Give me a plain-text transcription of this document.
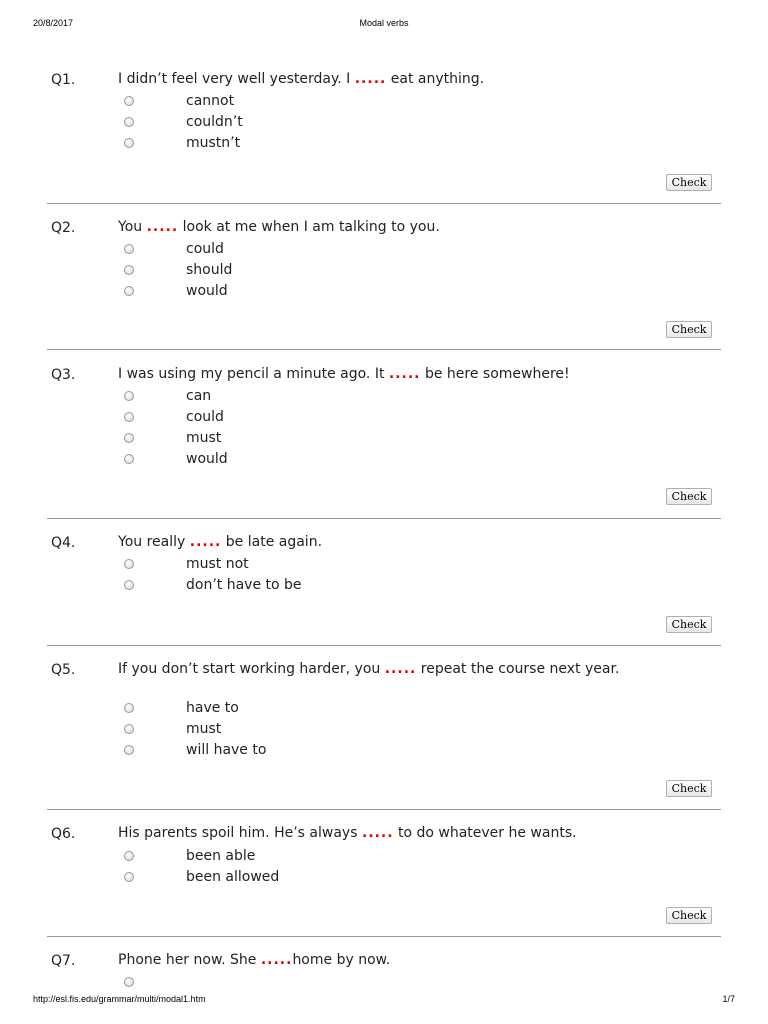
20/8/2017	Modal verbs
Q1.	I didn’t feel very well yesterday. I ..... eat anything.
cannot
couldn’t
mustn’t
Check
Q2.	You ..... look at me when I am talking to you.
could
should
would
Check
Q3.	I was using my pencil a minute ago. It ..... be here somewhere!
can
could
must
would
Check
Q4.	You really ..... be late again.
must not
don’t have to be
Check
Q5.	If you don’t start working harder, you ..... repeat the course next year.
have to
must
will have to
Check
Q6.	His parents spoil him. He’s always ..... to do whatever he wants.
been able
been allowed
Check
Q7.	Phone her now. She .....home by now.
http://esl.fis.edu/grammar/multi/modal1.htm	1/7
